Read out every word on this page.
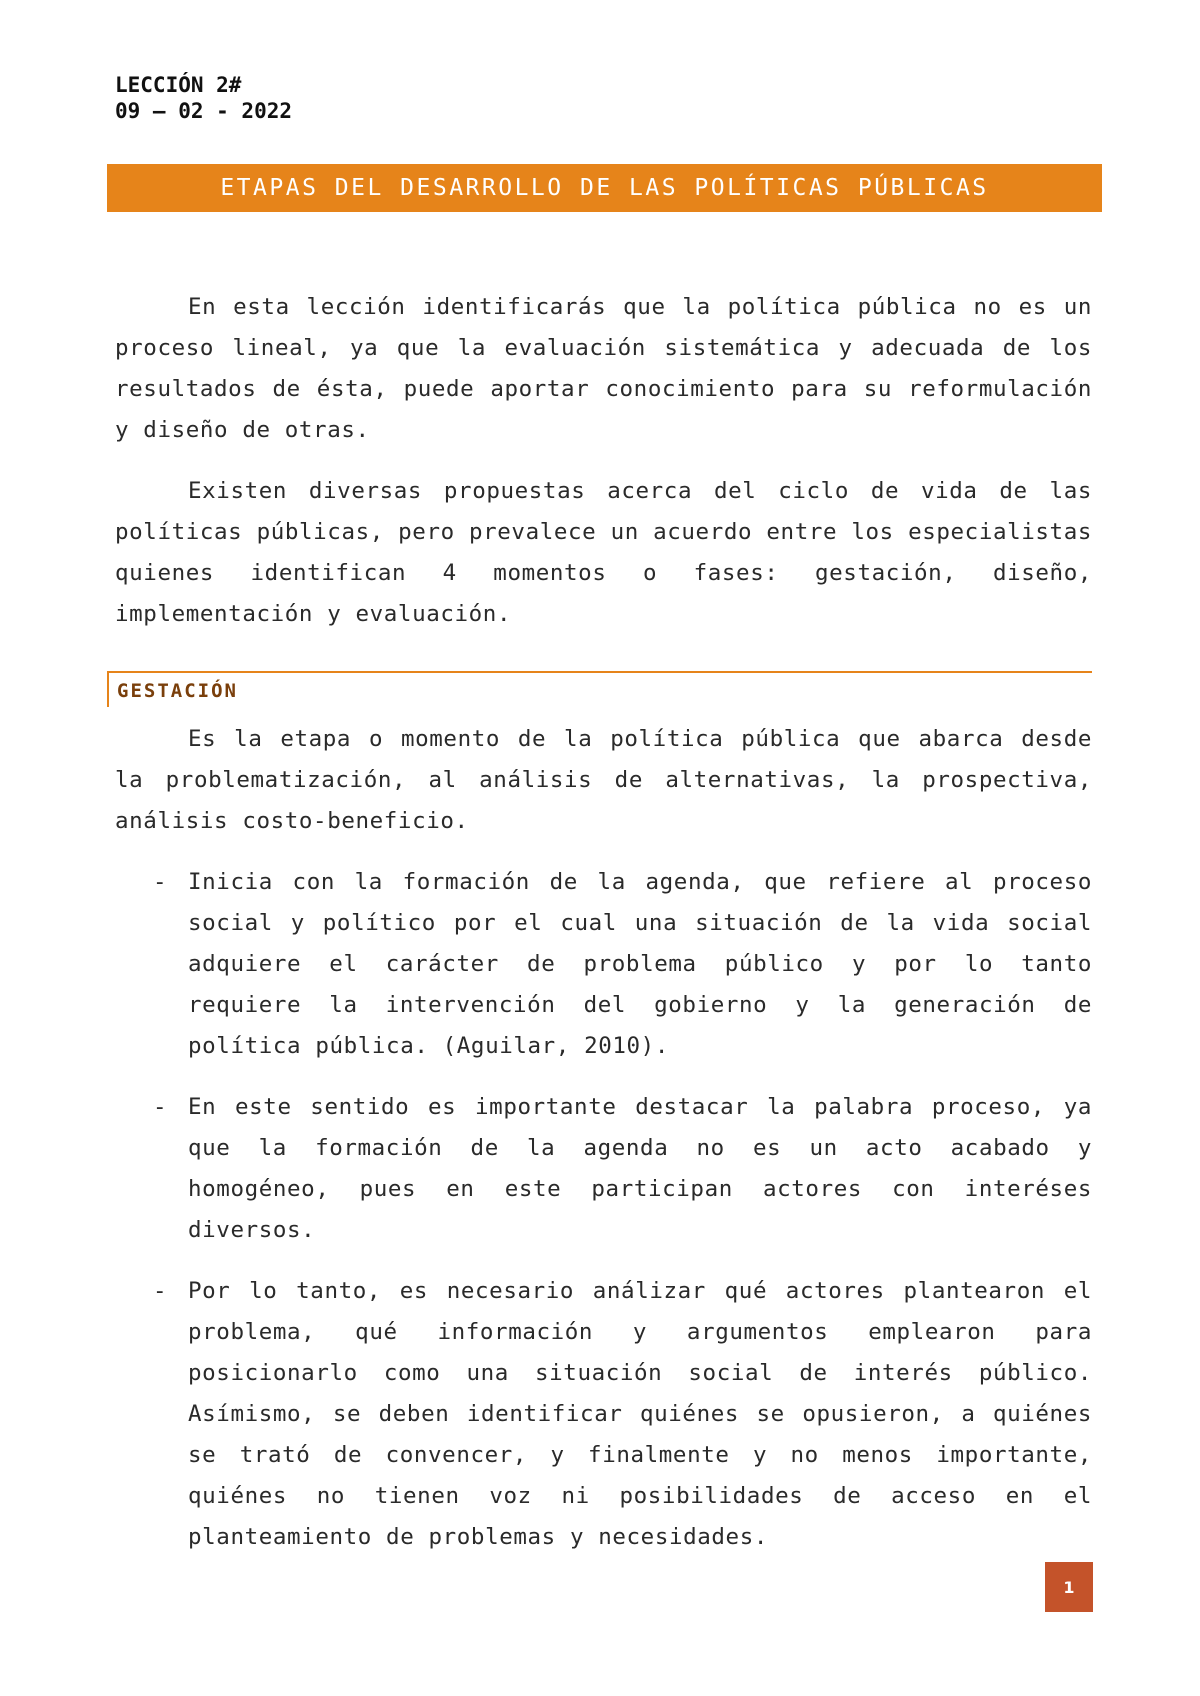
LECCIÓN 2#
09 – 02 - 2022
ETAPAS DEL DESARROLLO DE LAS POLÍTICAS PÚBLICAS

En esta lección identificarás que la política pública no es un proceso lineal, ya que la evaluación sistemática y adecuada de los resultados de ésta, puede aportar conocimiento para su reformulación y diseño de otras.

Existen diversas propuestas acerca del ciclo de vida de las políticas públicas, pero prevalece un acuerdo entre los especialistas quienes identifican 4 momentos o fases: gestación, diseño, implementación y evaluación.

GESTACIÓN

Es la etapa o momento de la política pública que abarca desde la problematización, al análisis de alternativas, la prospectiva, análisis costo-beneficio.

- Inicia con la formación de la agenda, que refiere al proceso social y político por el cual una situación de la vida social adquiere el carácter de problema público y por lo tanto requiere la intervención del gobierno y la generación de política pública. (Aguilar, 2010).
- En este sentido es importante destacar la palabra proceso, ya que la formación de la agenda no es un acto acabado y homogéneo, pues en este participan actores con interéses diversos.
- Por lo tanto, es necesario análizar qué actores plantearon el problema, qué información y argumentos emplearon para posicionarlo como una situación social de interés público. Asímismo, se deben identificar quiénes se opusieron, a quiénes se trató de convencer, y finalmente y no menos importante, quiénes no tienen voz ni posibilidades de acceso en el planteamiento de problemas y necesidades.
1
